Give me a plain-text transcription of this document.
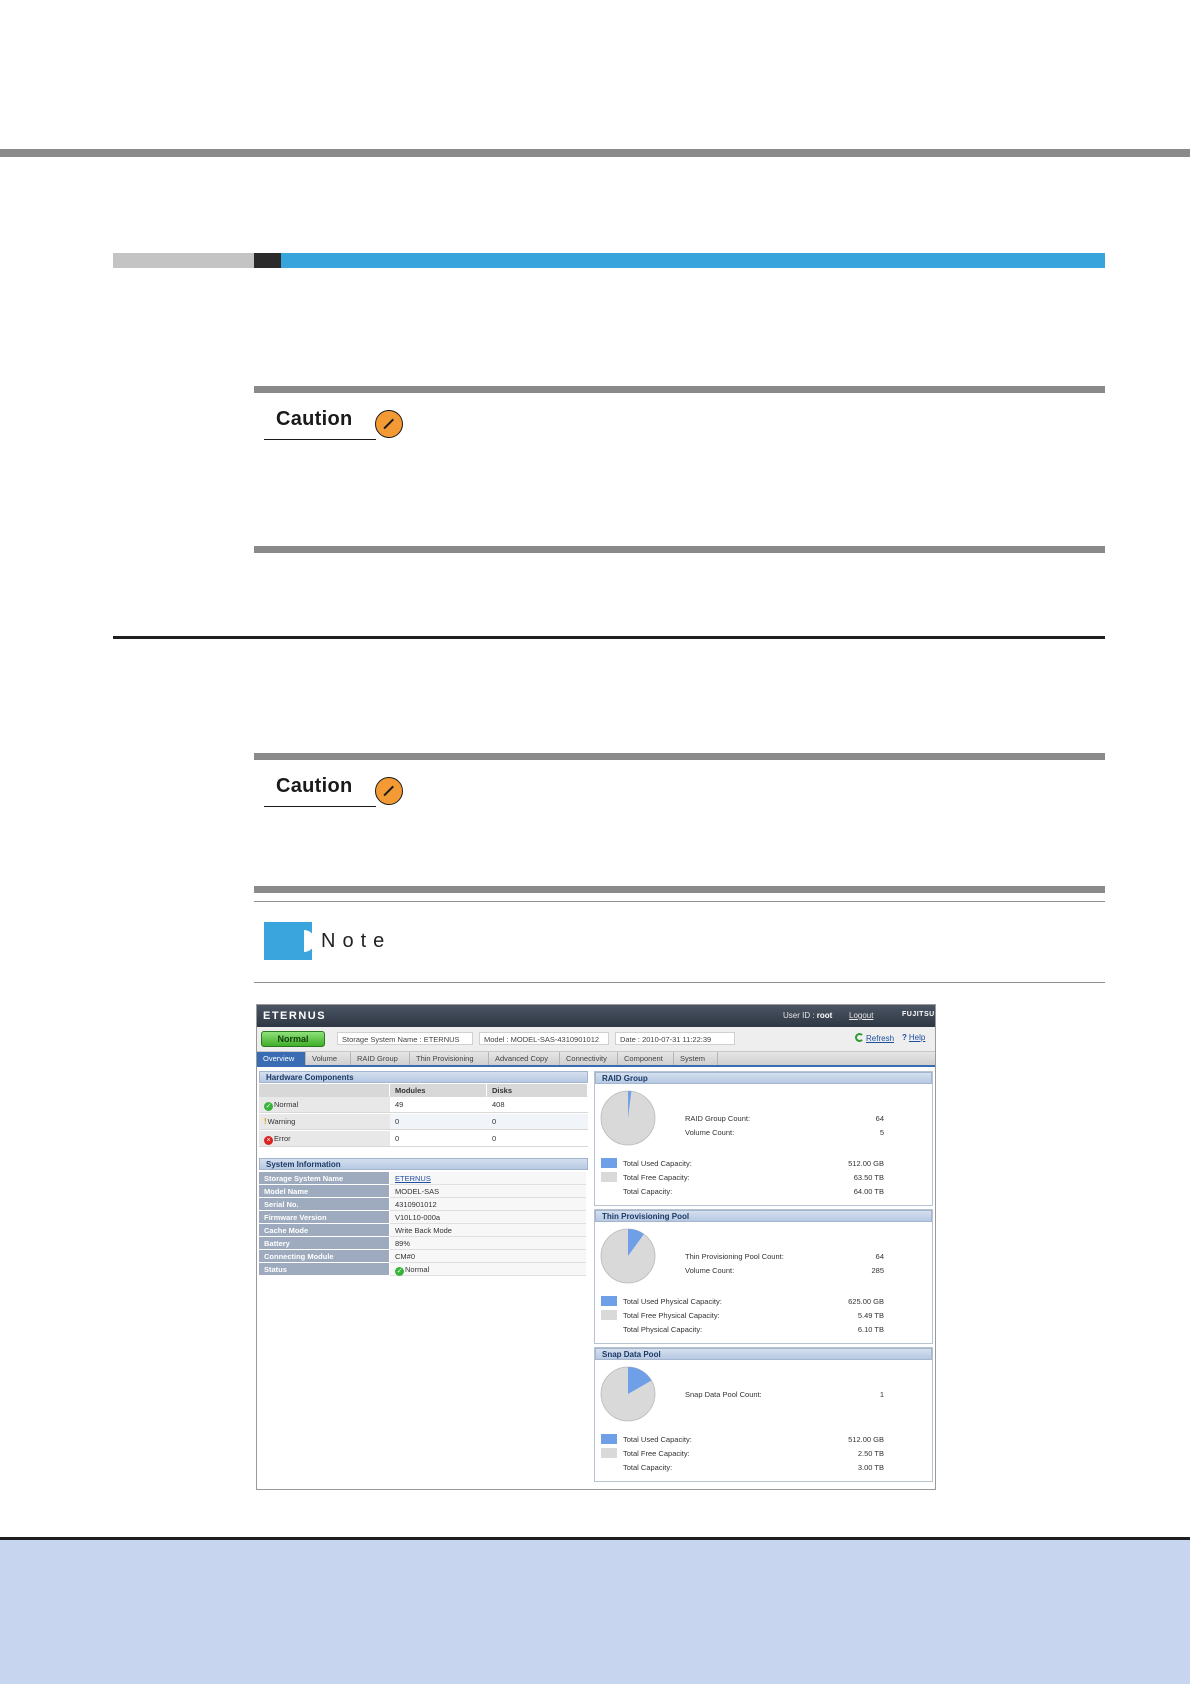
Caution
Caution
Note
ETERNUS	User ID : root Logout	FUJITSU
Normal	Storage System Name : ETERNUS	Model : MODEL-SAS-4310901012	Date : 2010-07-31 11:22:39	Refresh ? Help
Overview	Volume	RAID Group	Thin Provisioning	Advanced Copy	Connectivity	Component	System
Hardware Components
Modules	Disks
✓ Normal	49	408
!Warning	0	0
× Error	0	0
System Information
Storage System Name	ETERNUS
Model Name	MODEL-SAS
Serial No.	4310901012
Firmware Version	V10L10-000a
Cache Mode	Write Back Mode
Battery	89%
Connecting Module	CM#0
Status	✓ Normal
RAID Group
RAID Group Count:	64
Volume Count:	5
Total Used Capacity:	512.00 GB
Total Free Capacity:	63.50 TB
Total Capacity:	64.00 TB
Thin Provisioning Pool
Thin Provisioning Pool Count:	64
Volume Count:	285
Total Used Physical Capacity:	625.00 GB
Total Free Physical Capacity:	5.49 TB
Total Physical Capacity:	6.10 TB
Snap Data Pool
Snap Data Pool Count:	1
Total Used Capacity:	512.00 GB
Total Free Capacity:	2.50 TB
Total Capacity:	3.00 TB
